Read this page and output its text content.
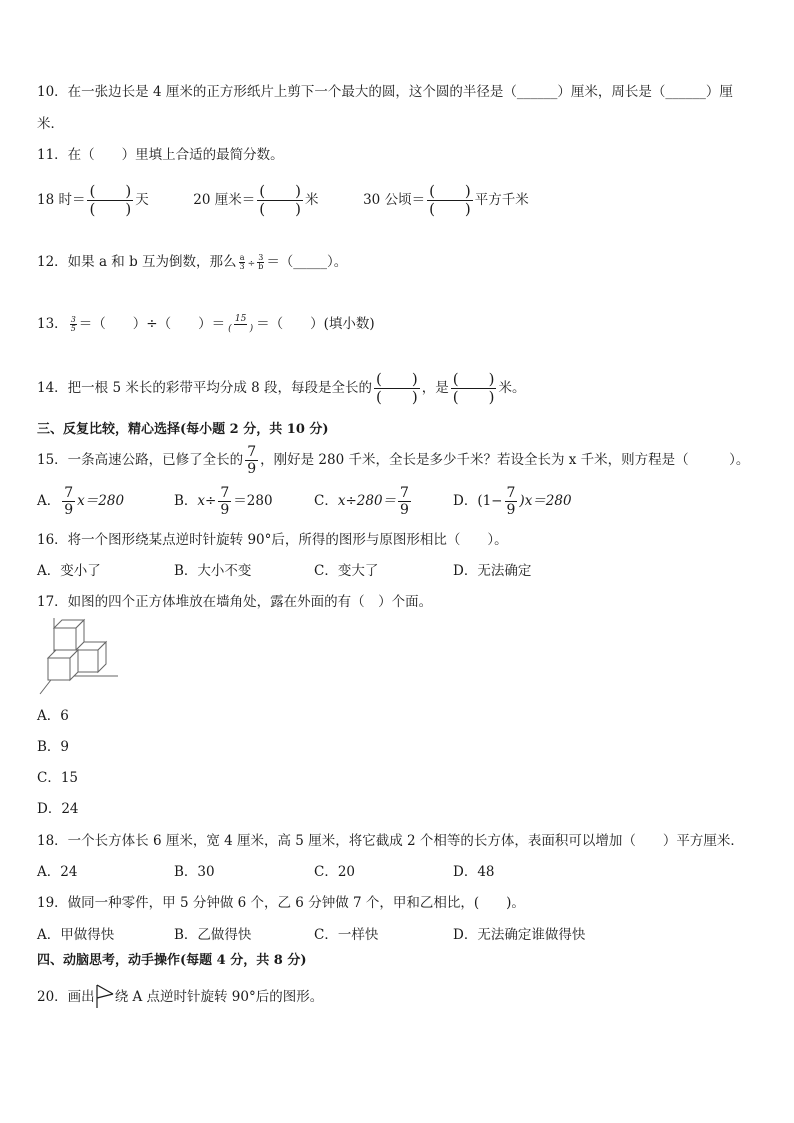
10．在一张边长是 4 厘米的正方形纸片上剪下一个最大的圆，这个圆的半径是（______）厘米，周长是（______）厘
米．
11．在（　　）里填上合适的最简分数。
18 时＝ $\frac{( )}{( )}$ 天	20 厘米＝ $\frac{( )}{( )}$ 米	30 公顷＝ $\frac{( )}{( )}$ 平方千米
12．如果 a 和 b 互为倒数，那么 $\frac{a}{3} \div \frac{3}{b}$ ＝（_____）。
13． $\frac{3}{5}$ ＝（　　）÷（　　）＝ $\frac{15}{( )}$ ＝（　　）(填小数)
14．把一根 5 米长的彩带平均分成 8 段，每段是全长的 $\frac{( )}{( )}$ ，是 $\frac{( )}{( )}$ 米。
三、反复比较，精心选择(每小题 2 分，共 10 分)
15．一条高速公路，已修了全长的 $\frac{7}{9}$ ，刚好是 280 千米，全长是多少千米？若设全长为 x 千米，则方程是（　　　）。
A． $\frac{7}{9} x=280$	B．$x\div \frac{7}{9} =280$	C．$x\div 280= \frac{7}{9}$	D．$(1- \frac{7}{9} )x=280$
16．将一个图形绕某点逆时针旋转 90°后，所得的图形与原图形相比（　　）。
A．变小了	B．大小不变	C．变大了	D．无法确定
17．如图的四个正方体堆放在墙角处，露在外面的有（　）个面。
A．6
B．9
C．15
D．24
18．一个长方体长 6 厘米，宽 4 厘米，高 5 厘米，将它截成 2 个相等的长方体，表面积可以增加（　　）平方厘米．
A．24	B．30	C．20	D．48
19．做同一种零件，甲 5 分钟做 6 个，乙 6 分钟做 7 个，甲和乙相比，(　　)。
A．甲做得快	B．乙做得快	C．一样快	D．无法确定谁做得快
四、动脑思考，动手操作(每题 4 分，共 8 分)
20．画出 绕 A 点逆时针旋转 90°后的图形。
